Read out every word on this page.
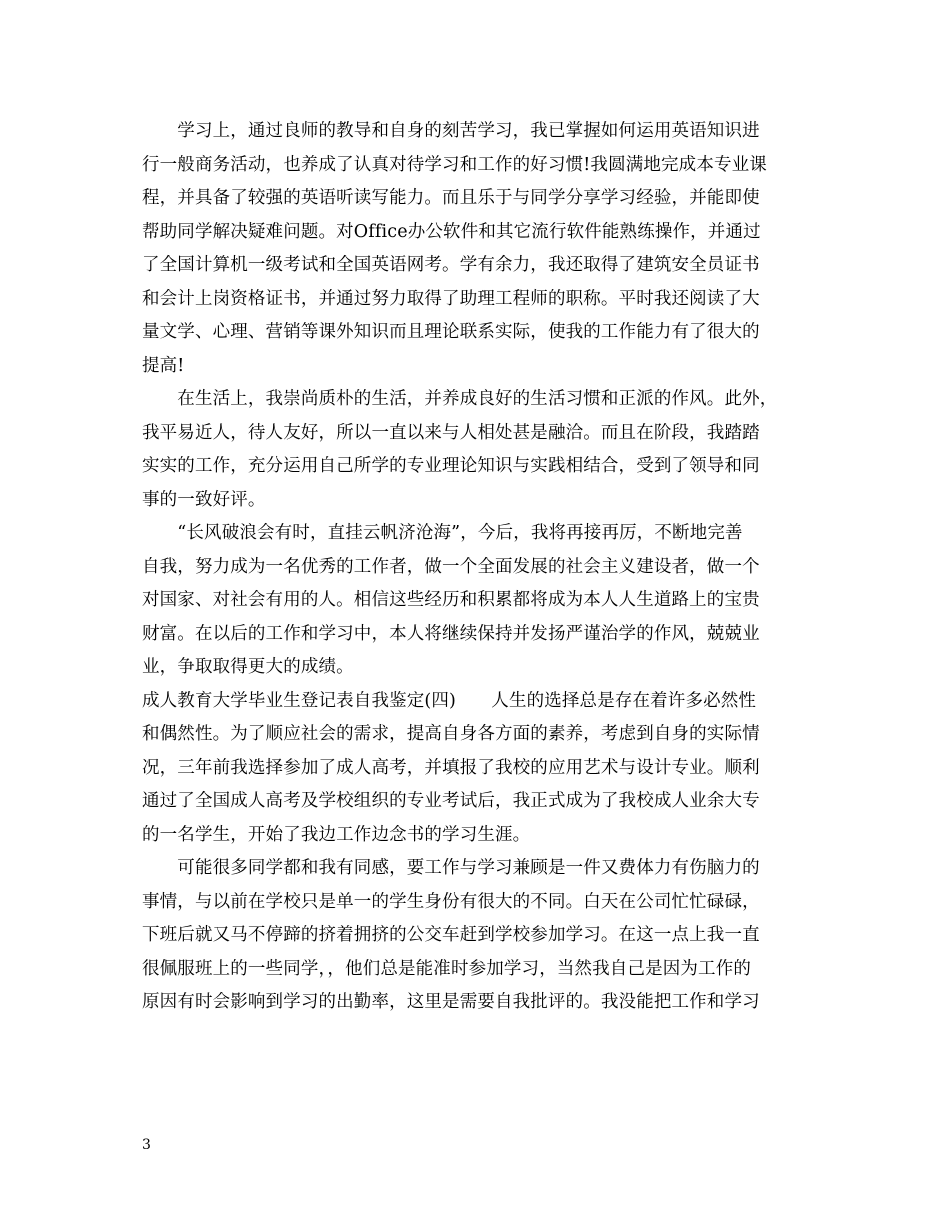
　　学习上，通过良师的教导和自身的刻苦学习，我已掌握如何运用英语知识进
行一般商务活动，也养成了认真对待学习和工作的好习惯!我圆满地完成本专业课
程，并具备了较强的英语听读写能力。而且乐于与同学分享学习经验，并能即使
帮助同学解决疑难问题。对Office办公软件和其它流行软件能熟练操作，并通过
了全国计算机一级考试和全国英语网考。学有余力，我还取得了建筑安全员证书
和会计上岗资格证书，并通过努力取得了助理工程师的职称。平时我还阅读了大
量文学、心理、营销等课外知识而且理论联系实际，使我的工作能力有了很大的
提高!
　　在生活上，我崇尚质朴的生活，并养成良好的生活习惯和正派的作风。此外，
我平易近人，待人友好，所以一直以来与人相处甚是融洽。而且在阶段，我踏踏
实实的工作，充分运用自己所学的专业理论知识与实践相结合，受到了领导和同
事的一致好评。
　　“长风破浪会有时，直挂云帆济沧海”，今后，我将再接再厉，不断地完善
自我，努力成为一名优秀的工作者，做一个全面发展的社会主义建设者，做一个
对国家、对社会有用的人。相信这些经历和积累都将成为本人人生道路上的宝贵
财富。在以后的工作和学习中，本人将继续保持并发扬严谨治学的作风，兢兢业
业，争取取得更大的成绩。
成人教育大学毕业生登记表自我鉴定(四)　　人生的选择总是存在着许多必然性
和偶然性。为了顺应社会的需求，提高自身各方面的素养，考虑到自身的实际情
况，三年前我选择参加了成人高考，并填报了我校的应用艺术与设计专业。顺利
通过了全国成人高考及学校组织的专业考试后，我正式成为了我校成人业余大专
的一名学生，开始了我边工作边念书的学习生涯。
　　可能很多同学都和我有同感，要工作与学习兼顾是一件又费体力有伤脑力的
事情，与以前在学校只是单一的学生身份有很大的不同。白天在公司忙忙碌碌，
下班后就又马不停蹄的挤着拥挤的公交车赶到学校参加学习。在这一点上我一直
很佩服班上的一些同学，，他们总是能准时参加学习，当然我自己是因为工作的
原因有时会影响到学习的出勤率，这里是需要自我批评的。我没能把工作和学习
3
